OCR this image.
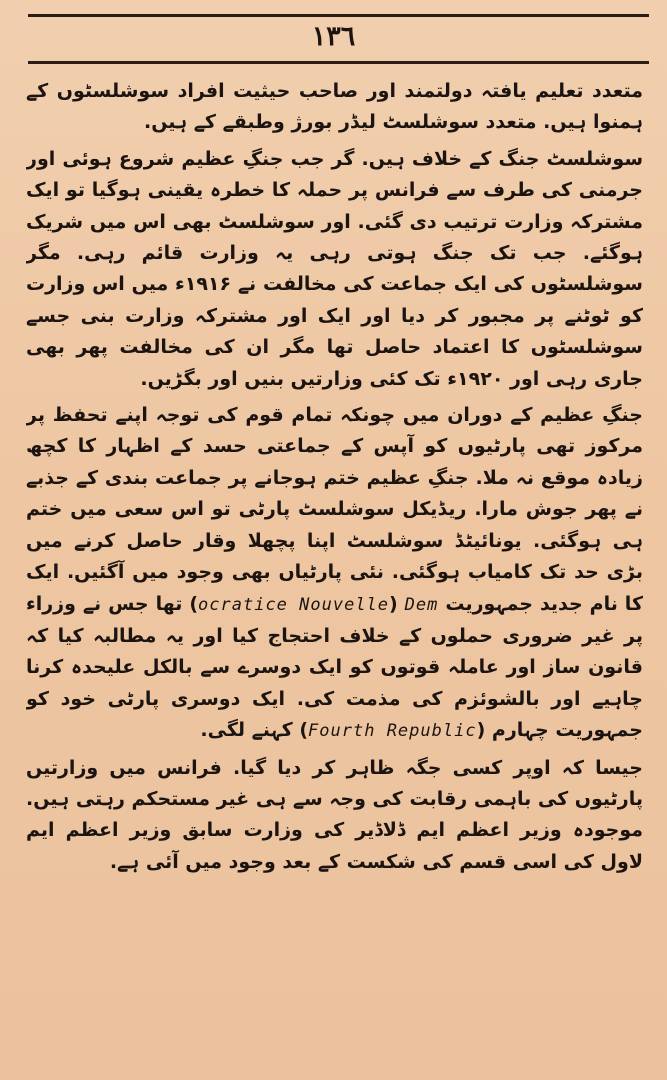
١٣٦

متعدد تعلیم یافتہ دولتمند اور صاحب حیثیت افراد سوشلسٹوں کے ہمنوا ہیں. متعدد سوشلسٹ لیڈر بورژ وطبقے کے ہیں.

سوشلسٹ جنگ کے خلاف ہیں. گر جب جنگِ عظیم شروع ہوئی اور جرمنی کی طرف سے فرانس پر حملہ کا خطرہ یقینی ہوگیا تو ایک مشترکہ وزارت ترتیب دی گئی. اور سوشلسٹ بھی اس میں شریک ہوگئے. جب تک جنگ ہوتی رہی یہ وزارت قائم رہی. مگر سوشلسٹوں کی ایک جماعت کی مخالفت نے ۱۹۱۶ء میں اس وزارت کو ٹوٹنے پر مجبور کر دیا اور ایک اور مشترکہ وزارت بنی جسے سوشلسٹوں کا اعتماد حاصل تھا مگر ان کی مخالفت پھر بھی جاری رہی اور ۱۹۲۰ء تک کئی وزارتیں بنیں اور بگڑیں.

جنگِ عظیم کے دوران میں چونکہ تمام قوم کی توجہ اپنے تحفظ پر مرکوز تھی پارٹیوں کو آپس کے جماعتی حسد کے اظہار کا کچھ زیادہ موقع نہ ملا. جنگِ عظیم ختم ہوجانے پر جماعت بندی کے جذبے نے پھر جوش مارا. ریڈیکل سوشلسٹ پارٹی تو اس سعی میں ختم ہی ہوگئی. یونائیٹڈ سوشلسٹ اپنا پچھلا وقار حاصل کرنے میں بڑی حد تک کامیاب ہوگئی. نئی پارٹیاں بھی وجود میں آگئیں. ایک کا نام جدید جمہوریت Dem (ocratice Nouvelle) تھا جس نے وزراء پر غیر ضروری حملوں کے خلاف احتجاج کیا اور یہ مطالبہ کیا کہ قانون ساز اور عاملہ قوتوں کو ایک دوسرے سے بالکل علیحدہ کرنا چاہیے اور بالشوئزم کی مذمت کی. ایک دوسری پارٹی خود کو جمہوریت چہارم (Fourth Republic) کہنے لگی.

جیسا کہ اوپر کسی جگہ ظاہر کر دیا گیا. فرانس میں وزارتیں پارٹیوں کی باہمی رقابت کی وجہ سے ہی غیر مستحکم رہتی ہیں. موجودہ وزیر اعظم ایم ڈلاڈیر کی وزارت سابق وزیر اعظم ایم لاول کی اسی قسم کی شکست کے بعد وجود میں آئی ہے.
